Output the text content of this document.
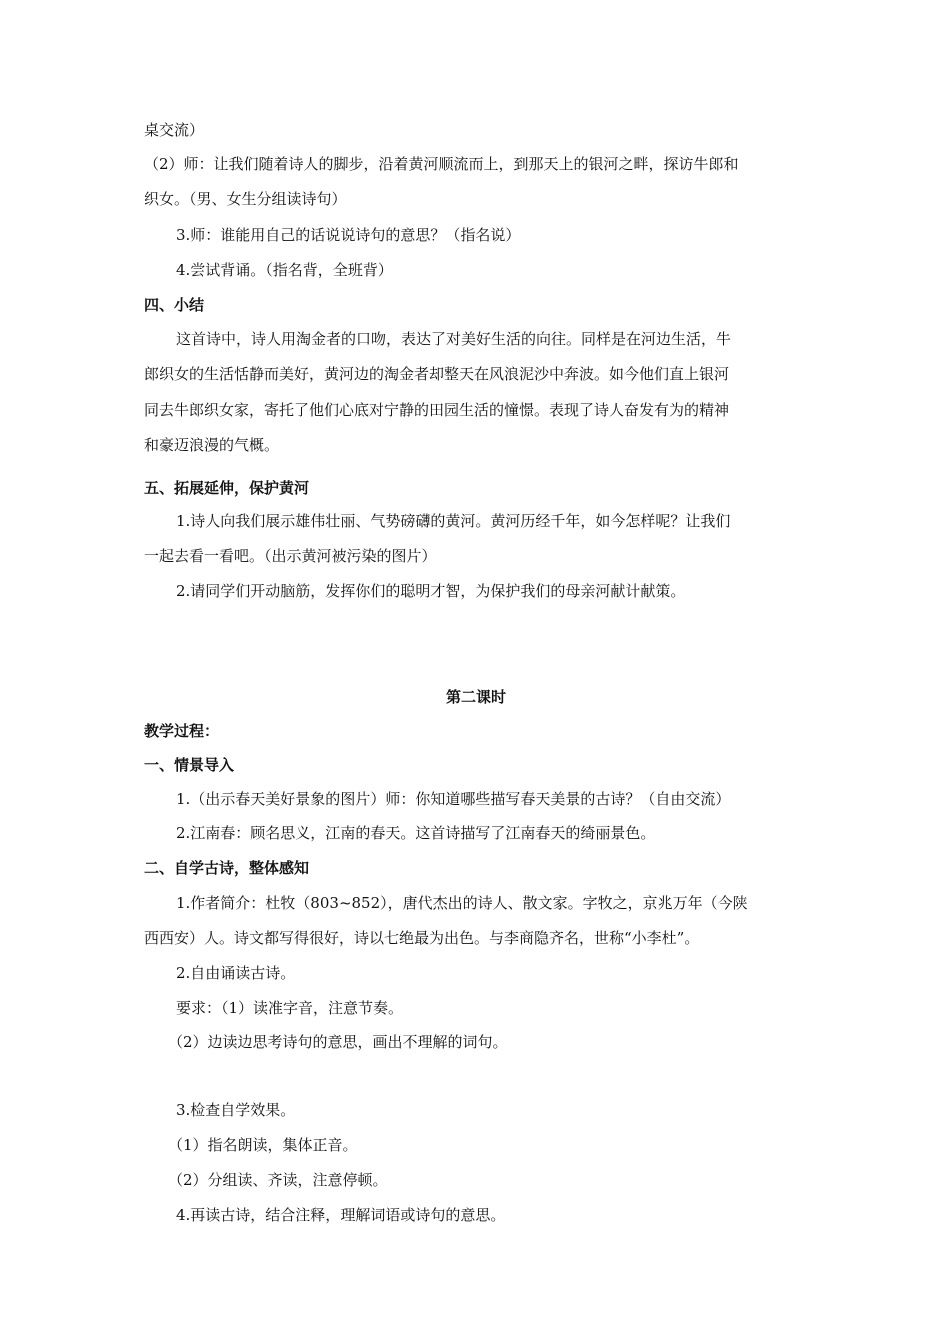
桌交流）
（2）师：让我们随着诗人的脚步，沿着黄河顺流而上，到那天上的银河之畔，探访牛郎和
织女。（男、女生分组读诗句）
3.师：谁能用自己的话说说诗句的意思？（指名说）
4.尝试背诵。（指名背，全班背）
四、小结
这首诗中，诗人用淘金者的口吻，表达了对美好生活的向往。同样是在河边生活，牛
郎织女的生活恬静而美好，黄河边的淘金者却整天在风浪泥沙中奔波。如今他们直上银河
同去牛郎织女家，寄托了他们心底对宁静的田园生活的憧憬。表现了诗人奋发有为的精神
和豪迈浪漫的气概。
五、拓展延伸，保护黄河
1.诗人向我们展示雄伟壮丽、气势磅礴的黄河。黄河历经千年，如今怎样呢？让我们
一起去看一看吧。（出示黄河被污染的图片）
2.请同学们开动脑筋，发挥你们的聪明才智，为保护我们的母亲河献计献策。
第二课时
教学过程：
一、情景导入
1.（出示春天美好景象的图片）师：你知道哪些描写春天美景的古诗？（自由交流）
2.江南春：顾名思义，江南的春天。这首诗描写了江南春天的绮丽景色。
二、自学古诗，整体感知
1.作者简介：杜牧（803~852），唐代杰出的诗人、散文家。字牧之，京兆万年（今陕
西西安）人。诗文都写得很好，诗以七绝最为出色。与李商隐齐名，世称“小李杜”。
2.自由诵读古诗。
要求：（1）读准字音，注意节奏。
（2）边读边思考诗句的意思，画出不理解的词句。
3.检查自学效果。
（1）指名朗读，集体正音。
（2）分组读、齐读，注意停顿。
4.再读古诗，结合注释，理解词语或诗句的意思。
